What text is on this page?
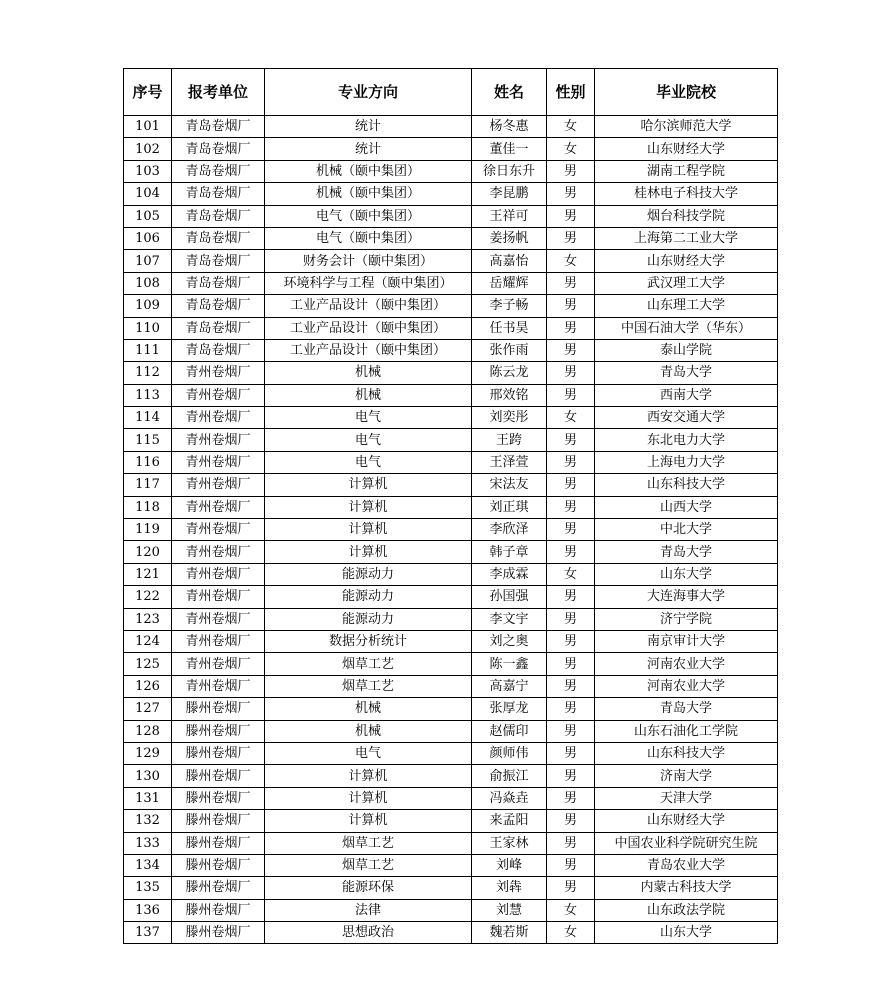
序号	报考单位	专业方向	姓名	性别	毕业院校
101	青岛卷烟厂	统计	杨冬惠	女	哈尔滨师范大学
102	青岛卷烟厂	统计	董佳一	女	山东财经大学
103	青岛卷烟厂	机械（颐中集团）	徐日东升	男	湖南工程学院
104	青岛卷烟厂	机械（颐中集团）	李昆鹏	男	桂林电子科技大学
105	青岛卷烟厂	电气（颐中集团）	王祥可	男	烟台科技学院
106	青岛卷烟厂	电气（颐中集团）	姜扬帆	男	上海第二工业大学
107	青岛卷烟厂	财务会计（颐中集团）	高嘉怡	女	山东财经大学
108	青岛卷烟厂	环境科学与工程（颐中集团）	岳耀辉	男	武汉理工大学
109	青岛卷烟厂	工业产品设计（颐中集团）	李子畅	男	山东理工大学
110	青岛卷烟厂	工业产品设计（颐中集团）	任书昊	男	中国石油大学（华东）
111	青岛卷烟厂	工业产品设计（颐中集团）	张作雨	男	泰山学院
112	青州卷烟厂	机械	陈云龙	男	青岛大学
113	青州卷烟厂	机械	邢效铭	男	西南大学
114	青州卷烟厂	电气	刘奕彤	女	西安交通大学
115	青州卷烟厂	电气	王跨	男	东北电力大学
116	青州卷烟厂	电气	王泽萱	男	上海电力大学
117	青州卷烟厂	计算机	宋法友	男	山东科技大学
118	青州卷烟厂	计算机	刘正琪	男	山西大学
119	青州卷烟厂	计算机	李欣泽	男	中北大学
120	青州卷烟厂	计算机	韩子章	男	青岛大学
121	青州卷烟厂	能源动力	李成霖	女	山东大学
122	青州卷烟厂	能源动力	孙国强	男	大连海事大学
123	青州卷烟厂	能源动力	李文宇	男	济宁学院
124	青州卷烟厂	数据分析统计	刘之奥	男	南京审计大学
125	青州卷烟厂	烟草工艺	陈一鑫	男	河南农业大学
126	青州卷烟厂	烟草工艺	高嘉宁	男	河南农业大学
127	滕州卷烟厂	机械	张厚龙	男	青岛大学
128	滕州卷烟厂	机械	赵儒印	男	山东石油化工学院
129	滕州卷烟厂	电气	颜师伟	男	山东科技大学
130	滕州卷烟厂	计算机	俞振江	男	济南大学
131	滕州卷烟厂	计算机	冯焱垚	男	天津大学
132	滕州卷烟厂	计算机	来孟阳	男	山东财经大学
133	滕州卷烟厂	烟草工艺	王家林	男	中国农业科学院研究生院
134	滕州卷烟厂	烟草工艺	刘峰	男	青岛农业大学
135	滕州卷烟厂	能源环保	刘犇	男	内蒙古科技大学
136	滕州卷烟厂	法律	刘慧	女	山东政法学院
137	滕州卷烟厂	思想政治	魏若斯	女	山东大学
